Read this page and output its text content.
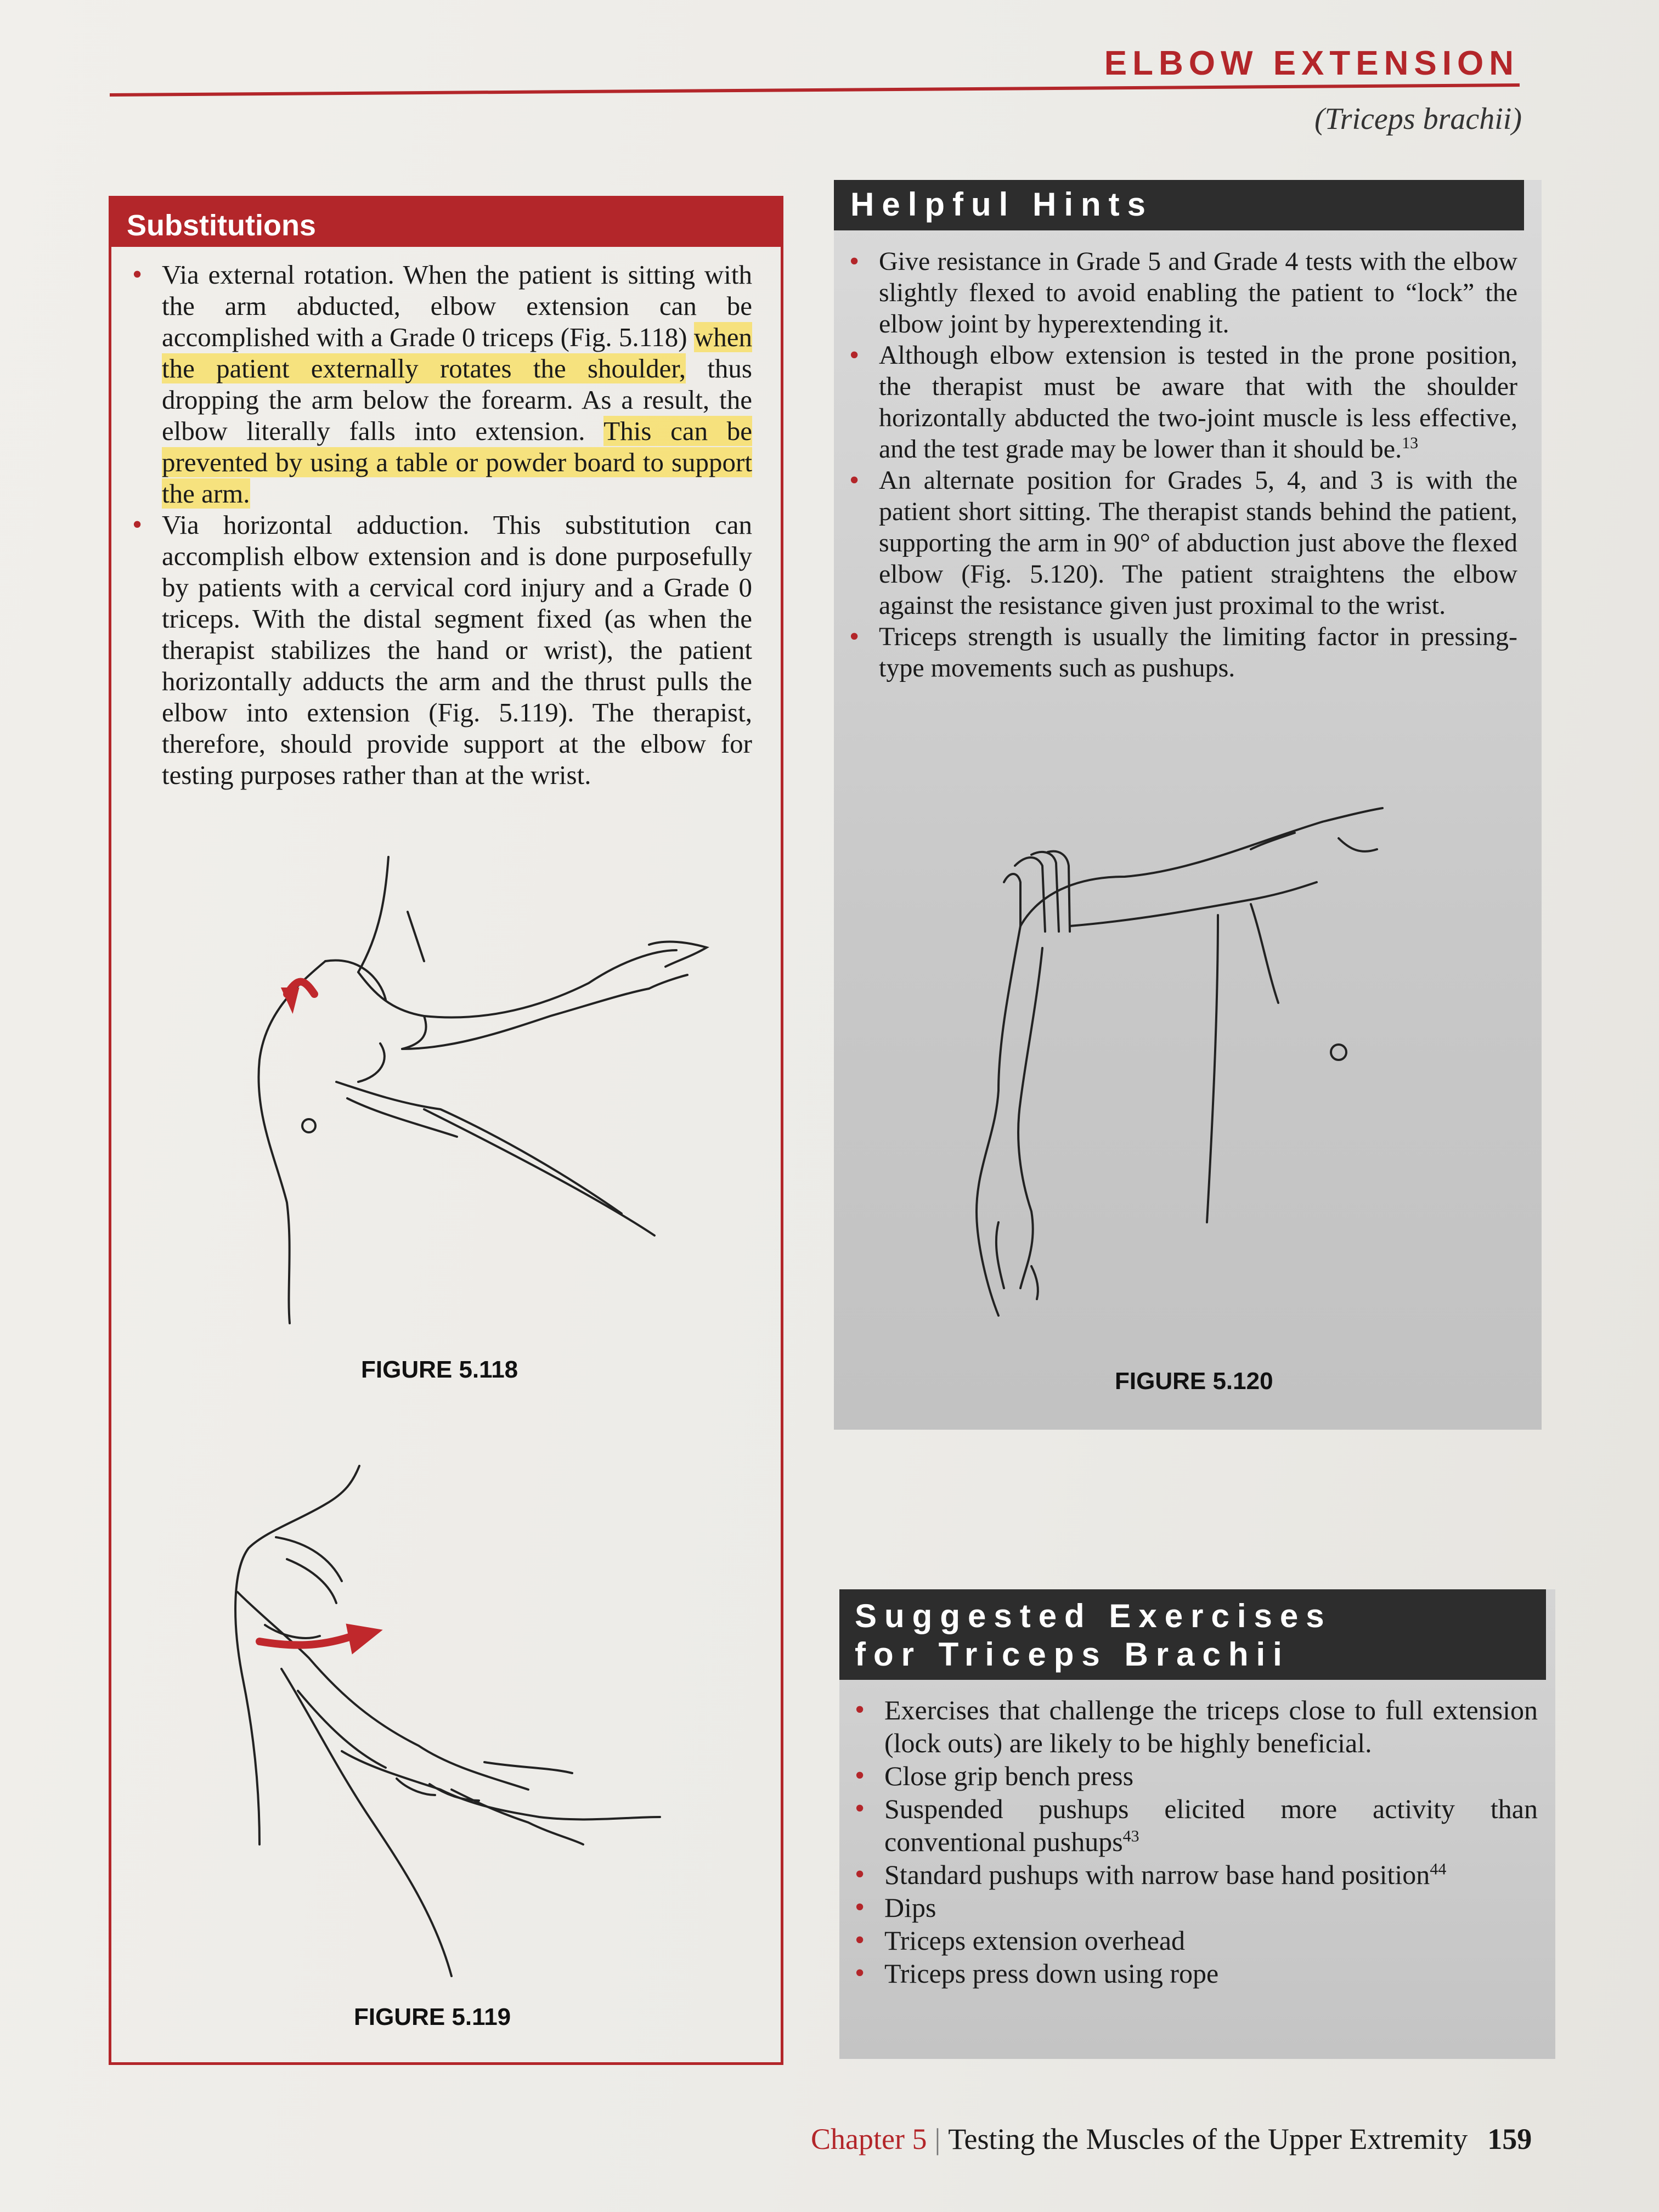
ELBOW EXTENSION
(Triceps brachii)
Substitutions
• Via external rotation. When the patient is sitting with the arm abducted, elbow extension can be accomplished with a Grade 0 triceps (Fig. 5.118) when the patient externally rotates the shoulder, thus dropping the arm below the forearm. As a result, the elbow literally falls into extension. This can be prevented by using a table or powder board to support the arm.
• Via horizontal adduction. This substitution can accomplish elbow extension and is done purposefully by patients with a cervical cord injury and a Grade 0 triceps. With the distal segment fixed (as when the therapist stabilizes the hand or wrist), the patient horizontally adducts the arm and the thrust pulls the elbow into extension (Fig. 5.119). The therapist, therefore, should provide support at the elbow for testing purposes rather than at the wrist.
FIGURE 5.118
FIGURE 5.119
Helpful Hints
• Give resistance in Grade 5 and Grade 4 tests with the elbow slightly flexed to avoid enabling the patient to “lock” the elbow joint by hyperextending it.
• Although elbow extension is tested in the prone position, the therapist must be aware that with the shoulder horizontally abducted the two-joint muscle is less effective, and the test grade may be lower than it should be.$^{13}$
• An alternate position for Grades 5, 4, and 3 is with the patient short sitting. The therapist stands behind the patient, supporting the arm in 90° of abduction just above the flexed elbow (Fig. 5.120). The patient straightens the elbow against the resistance given just proximal to the wrist.
• Triceps strength is usually the limiting factor in pressing-type movements such as pushups.
FIGURE 5.120
Suggested Exercises
for Triceps Brachii
• Exercises that challenge the triceps close to full extension (lock outs) are likely to be highly beneficial.
• Close grip bench press
• Suspended pushups elicited more activity than conventional pushups$^{43}$
• Standard pushups with narrow base hand position$^{44}$
• Dips
• Triceps extension overhead
• Triceps press down using rope
Chapter 5 | Testing the Muscles of the Upper Extremity 159
